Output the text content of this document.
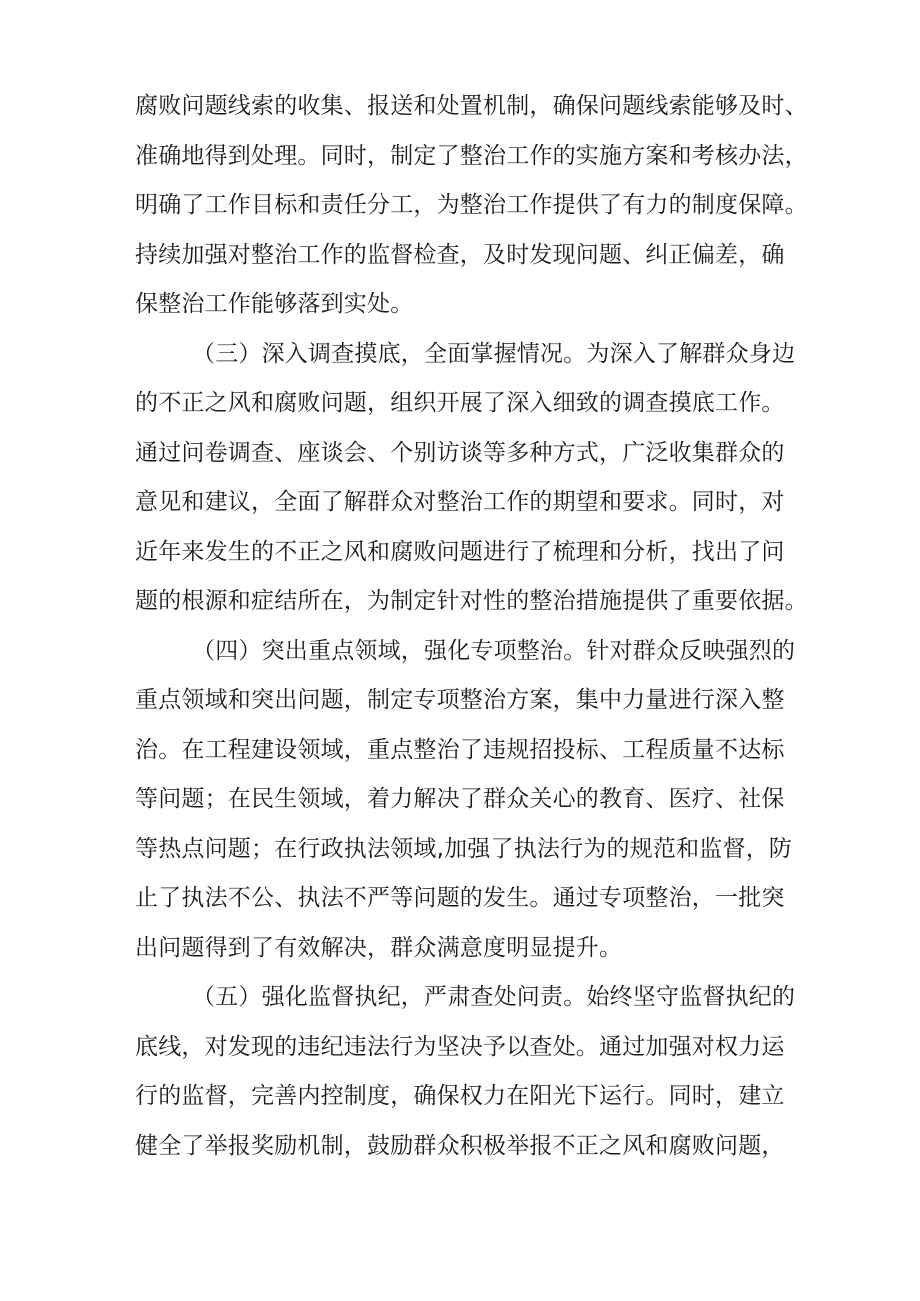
腐败问题线索的收集、报送和处置机制，确保问题线索能够及时、
准确地得到处理。同时，制定了整治工作的实施方案和考核办法，
明确了工作目标和责任分工，为整治工作提供了有力的制度保障。
持续加强对整治工作的监督检查，及时发现问题、纠正偏差，确
保整治工作能够落到实处。
（三）深入调查摸底，全面掌握情况。为深入了解群众身边
的不正之风和腐败问题，组织开展了深入细致的调查摸底工作。
通过问卷调查、座谈会、个别访谈等多种方式，广泛收集群众的
意见和建议，全面了解群众对整治工作的期望和要求。同时，对
近年来发生的不正之风和腐败问题进行了梳理和分析，找出了问
题的根源和症结所在，为制定针对性的整治措施提供了重要依据。
（四）突出重点领域，强化专项整治。针对群众反映强烈的
重点领域和突出问题，制定专项整治方案，集中力量进行深入整
治。在工程建设领域，重点整治了违规招投标、工程质量不达标
等问题；在民生领域，着力解决了群众关心的教育、医疗、社保
等热点问题；在行政执法领域,加强了执法行为的规范和监督，防
止了执法不公、执法不严等问题的发生。通过专项整治，一批突
出问题得到了有效解决，群众满意度明显提升。
（五）强化监督执纪，严肃查处问责。始终坚守监督执纪的
底线，对发现的违纪违法行为坚决予以查处。通过加强对权力运
行的监督，完善内控制度，确保权力在阳光下运行。同时，建立
健全了举报奖励机制，鼓励群众积极举报不正之风和腐败问题，
